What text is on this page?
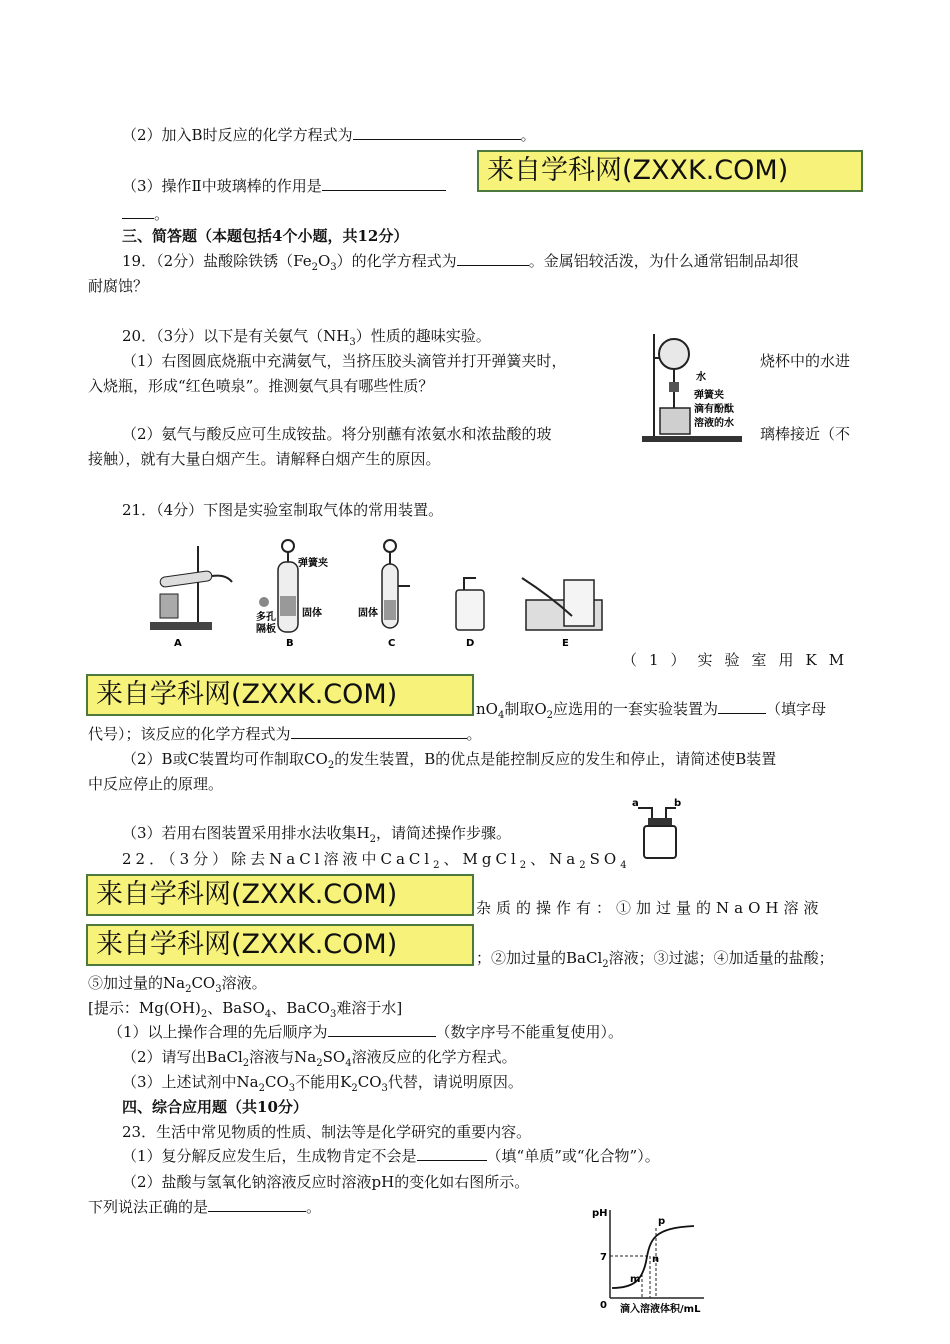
（2）加入B时反应的化学方程式为	。
（3）操作Ⅱ中玻璃棒的作用是	来自学科网(ZXXK.COM)
。
三、简答题（本题包括4个小题，共12分）
19．（2分）盐酸除铁锈$(Fe_2O_3)$的化学方程式为	。金属铝较活泼，为什么通常铝制品却很
耐腐蚀？
20．（3分）以下是有关氨气$(NH_3)$性质的趣味实验。
（1）右图圆底烧瓶中充满氨气，当挤压胶头滴管并打开弹簧夹时，	烧杯中的水进
入烧瓶，形成“红色喷泉”。推测氨气具有哪些性质？
（2）氨气与酸反应可生成铵盐。将分别蘸有浓氨水和浓盐酸的玻	璃棒接近（不
接触），就有大量白烟产生。请解释白烟产生的原因。
水
弹簧夹
滴有酚酞
溶液的水
21．（4分）下图是实验室制取气体的常用装置。
A
弹簧夹
多孔
隔板
固体
B
固体
C	D	E
（1）实验室用KM
来自学科网(ZXXK.COM)	$nO_4$制取$O_2$应选用的一套实验装置为	（填字母
代号）；该反应的化学方程式为	。
（2）B或C装置均可作制取$CO_2$的发生装置，B的优点是能控制反应的发生和停止，请简述使B装置
中反应停止的原理。
（3）若用右图装置采用排水法收集$H_2$，请简述操作步骤。
a	b
22．（3分）除去NaCl溶液中CaCl$_2$、MgCl$_2$、$Na_2SO_4$
来自学科网(ZXXK.COM)	杂质的操作有：①加过量的NaOH溶液
来自学科网(ZXXK.COM)	；②加过量的BaCl$_2$溶液；③过滤；④加适量的盐酸；
⑤加过量的$Na_2CO_3$溶液。
[提示：$Mg(OH)_2$、BaSO$_4$、BaCO$_3$难溶于水]
（1）以上操作合理的先后顺序为	（数字序号不能重复使用）。
（2）请写出BaCl$_2$溶液与$Na_2SO_4$溶液反应的化学方程式。
（3）上述试剂中$Na_2CO_3$不能用$K_2CO_3$代替，请说明原因。
四、综合应用题（共10分）
23．生活中常见物质的性质、制法等是化学研究的重要内容。
（1）复分解反应发生后，生成物肯定不会是	（填“单质”或“化合物”）。
（2）盐酸与氢氧化钠溶液反应时溶液pH的变化如右图所示。
下列说法正确的是	。	pH
7
0 滴入溶液体积/mL
p
n
m
